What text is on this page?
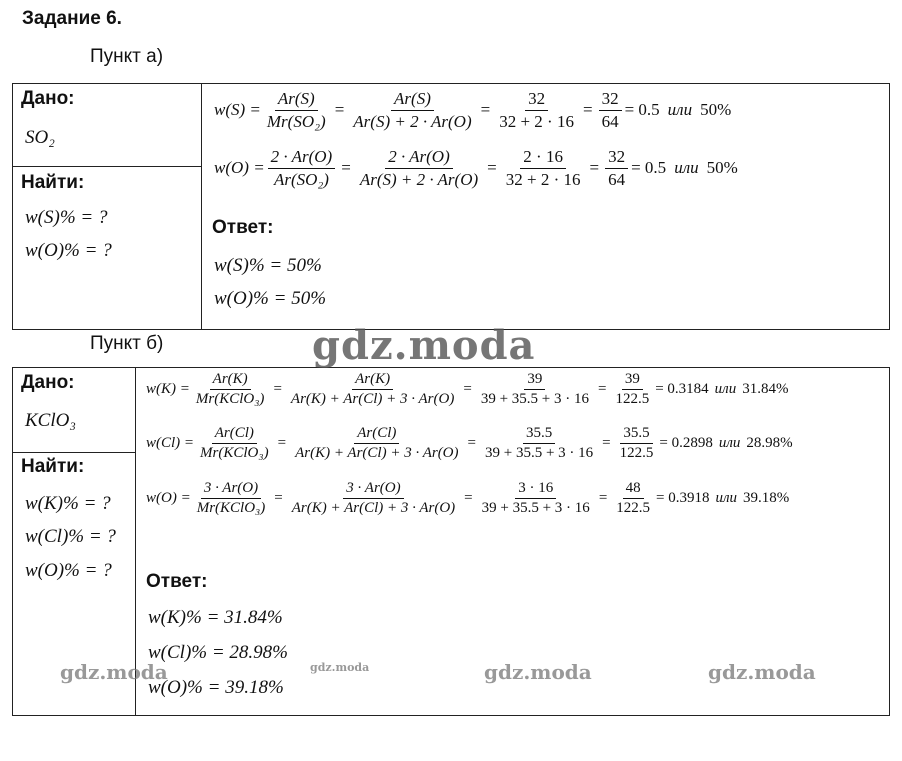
Задание 6.
Пункт а)
Дано:
SO₂
Найти:
w(S)% = ?
w(O)% = ?
$w(S) = \frac{Ar(S)}{\text{Mr(SO₂)}} = \frac{Ar(S)}{Ar(S) + 2 \cdot Ar(O)} = \frac{32}{32 + 2 \cdot 16} = \frac{32}{64} = 0.5$ или 50%
$w(O) = \frac{2 \cdot Ar(O)}{\text{Ar(SO₂)}} = \frac{2 \cdot Ar(O)}{Ar(S) + 2 \cdot Ar(O)} = \frac{2 \cdot 16}{32 + 2 \cdot 16} = \frac{32}{64} = 0.5$ или 50%
Ответ:
w(S)% = 50%
w(O)% = 50%
Пункт б)
Дано:
KClO₃
Найти:
w(K)% = ?
w(Cl)% = ?
w(O)% = ?
$w(K) = \frac{Ar(K)}{\text{Mr(KClO₃)}} = \frac{Ar(K)}{Ar(K) + Ar(Cl) + 3 \cdot Ar(O)} = \frac{39}{39 + 35.5 + 3 \cdot 16} = \frac{39}{122.5} = 0.3184$ или 31.84%
$w(Cl) = \frac{Ar(Cl)}{\text{Mr(KClO₃)}} = \frac{Ar(Cl)}{Ar(K) + Ar(Cl) + 3 \cdot Ar(O)} = \frac{35.5}{39 + 35.5 + 3 \cdot 16} = \frac{35.5}{122.5} = 0.2898$ или 28.98%
$w(O) = \frac{3 \cdot Ar(O)}{\text{Mr(KClO₃)}} = \frac{3 \cdot Ar(O)}{Ar(K) + Ar(Cl) + 3 \cdot Ar(O)} = \frac{3 \cdot 16}{39 + 35.5 + 3 \cdot 16} = \frac{48}{122.5} = 0.3918$ или 39.18%
Ответ:
w(K)% = 31.84%
w(Cl)% = 28.98%
w(O)% = 39.18%
gdz.moda
gdz.moda	gdz.moda	gdz.moda	gdz.moda
